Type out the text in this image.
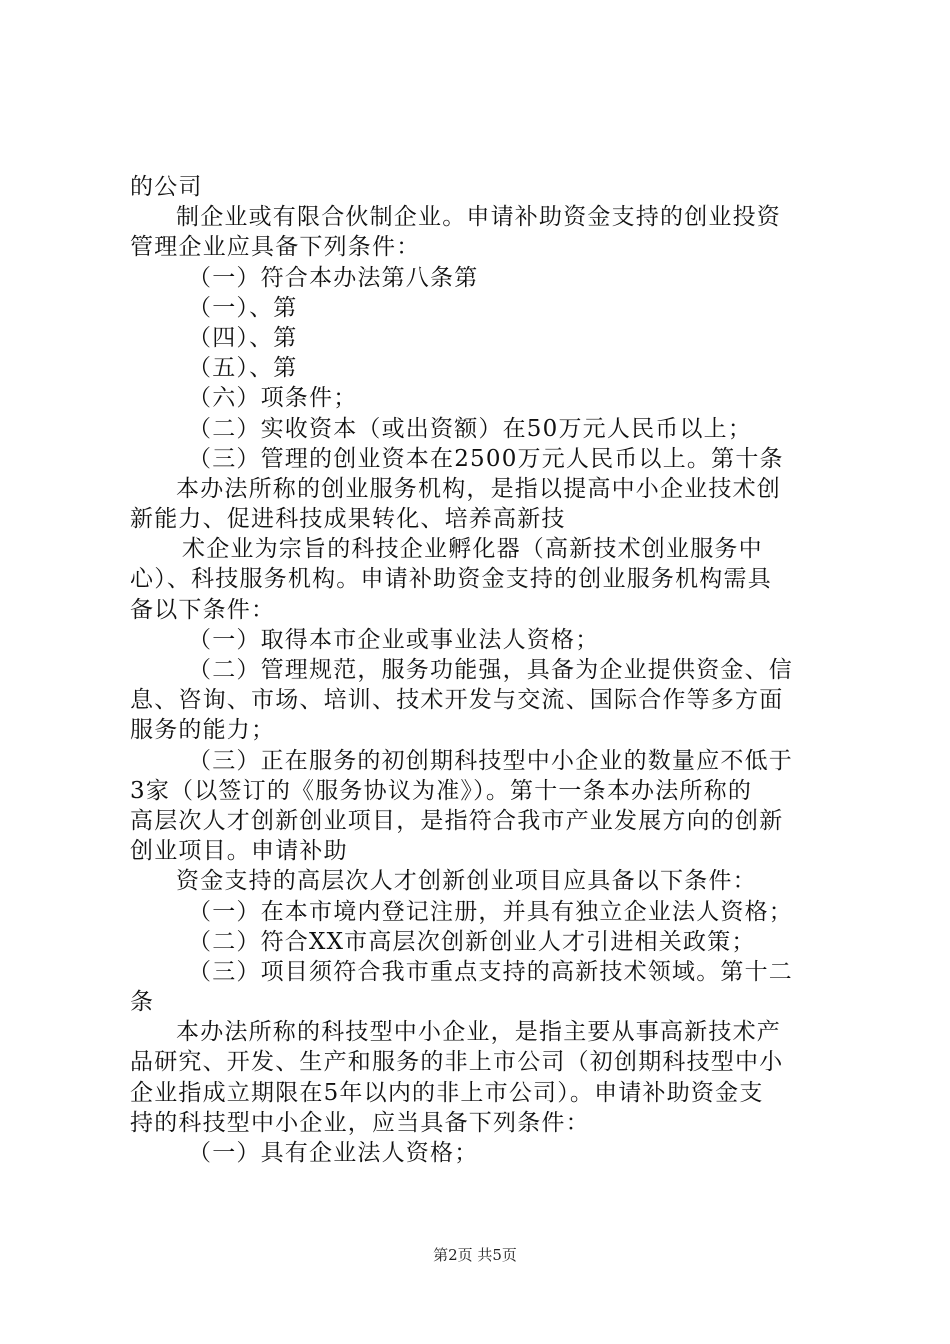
的公司
制企业或有限合伙制企业。申请补助资金支持的创业投资
管理企业应具备下列条件：
（一）符合本办法第八条第
（一）、第
（四）、第
（五）、第
（六）项条件；
（二）实收资本（或出资额）在50万元人民币以上；
（三）管理的创业资本在2500万元人民币以上。第十条
本办法所称的创业服务机构，是指以提高中小企业技术创
新能力、促进科技成果转化、培养高新技
术企业为宗旨的科技企业孵化器（高新技术创业服务中
心）、科技服务机构。申请补助资金支持的创业服务机构需具
备以下条件：
（一）取得本市企业或事业法人资格；
（二）管理规范，服务功能强，具备为企业提供资金、信
息、咨询、市场、培训、技术开发与交流、国际合作等多方面
服务的能力；
（三）正在服务的初创期科技型中小企业的数量应不低于
3家（以签订的《服务协议为准》）。第十一条本办法所称的
高层次人才创新创业项目，是指符合我市产业发展方向的创新
创业项目。申请补助
资金支持的高层次人才创新创业项目应具备以下条件：
（一）在本市境内登记注册，并具有独立企业法人资格；
（二）符合XX市高层次创新创业人才引进相关政策；
（三）项目须符合我市重点支持的高新技术领域。第十二
条
本办法所称的科技型中小企业，是指主要从事高新技术产
品研究、开发、生产和服务的非上市公司（初创期科技型中小
企业指成立期限在5年以内的非上市公司）。申请补助资金支
持的科技型中小企业，应当具备下列条件：
（一）具有企业法人资格；
第2页 共5页
